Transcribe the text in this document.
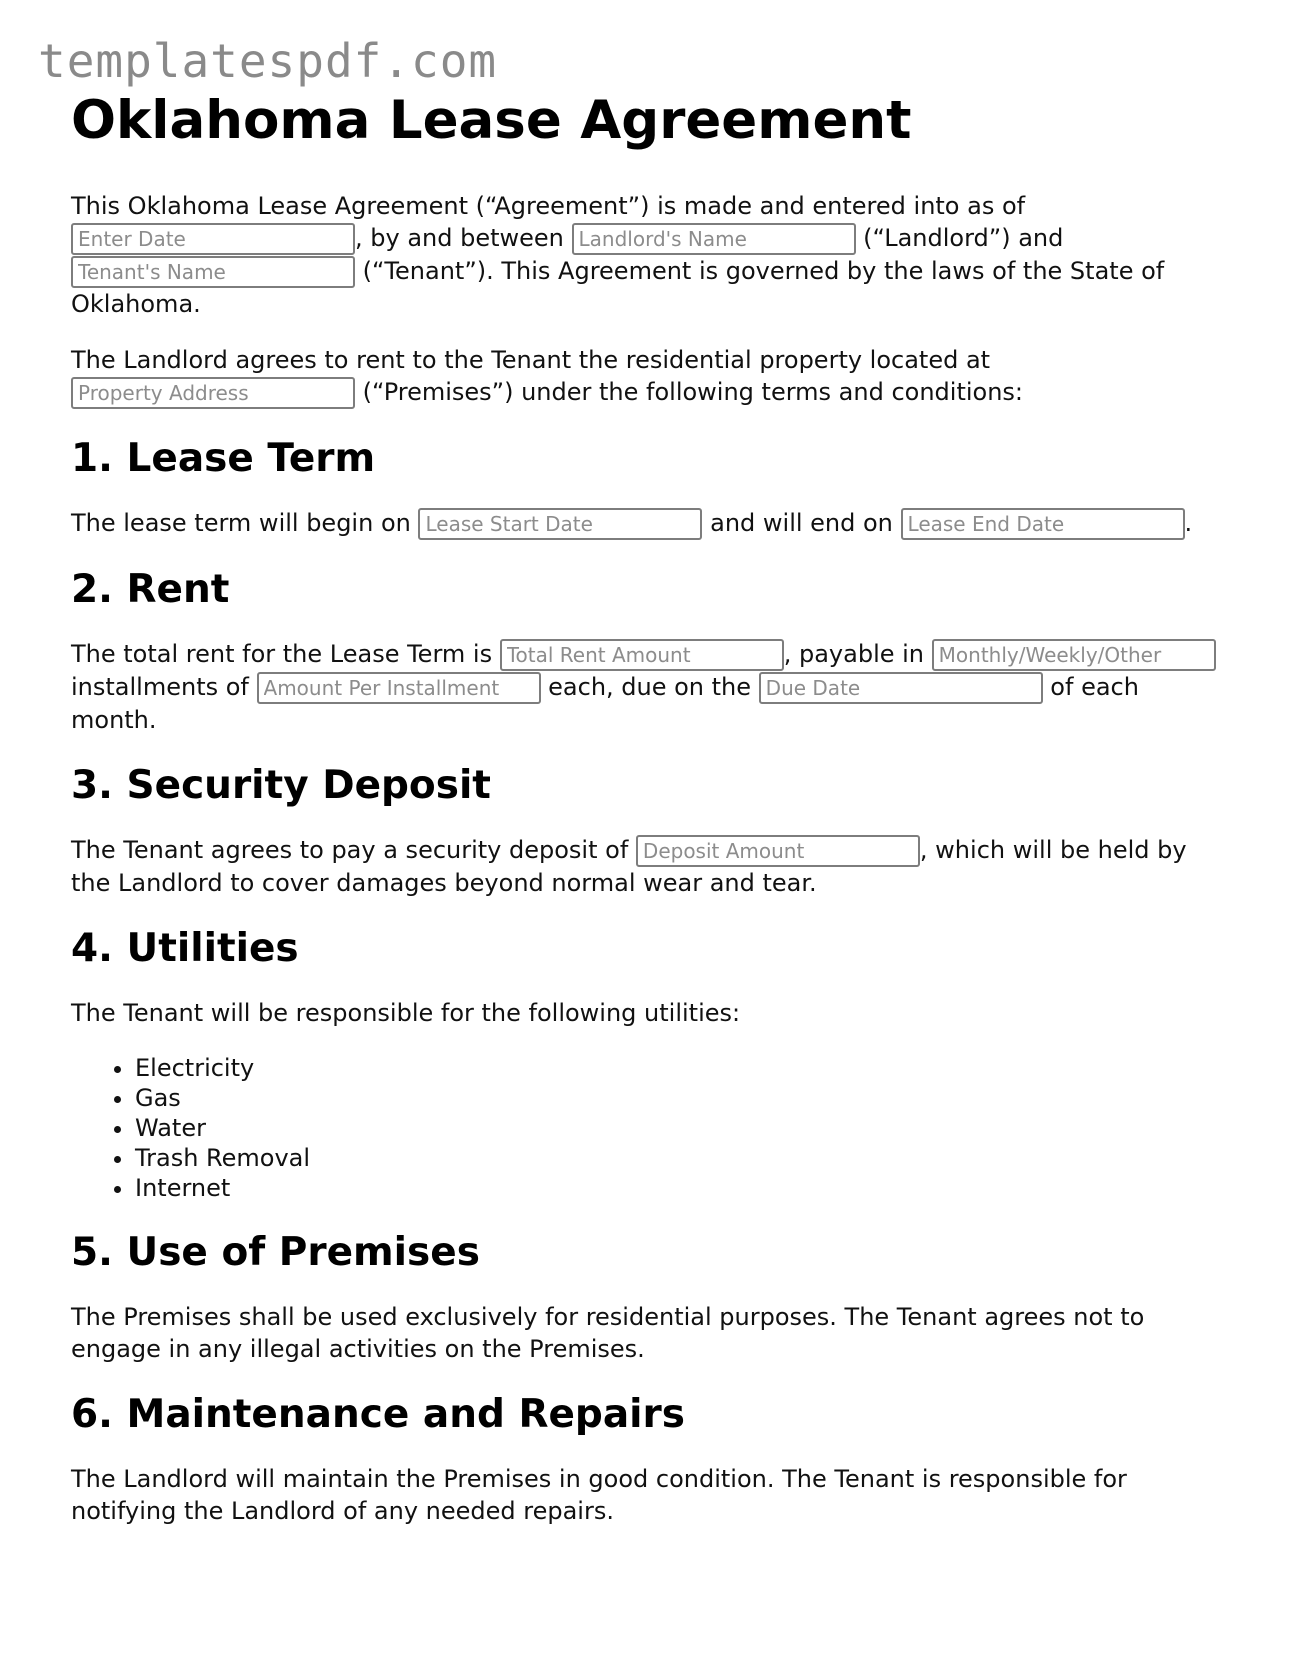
templatespdf.com
Oklahoma Lease Agreement

This Oklahoma Lease Agreement (“Agreement”) is made and entered into as of Enter Date, by and between Landlord's Name	(“Landlord”) and Tenant's Name (“Tenant”). This Agreement is governed by the laws of the State of Oklahoma.

The Landlord agrees to rent to the Tenant the residential property located at Property Address (“Premises”) under the following terms and conditions:

1. Lease Term

The lease term will begin on Lease Start Date	and will end on Lease End Date	.

2. Rent

The total rent for the Lease Term is Total Rent Amount	, payable in Monthly/Weekly/Other installments of Amount Per Installment	each, due on the Due Date	of each month.

3. Security Deposit

The Tenant agrees to pay a security deposit of Deposit Amount	, which will be held by the Landlord to cover damages beyond normal wear and tear.

4. Utilities

The Tenant will be responsible for the following utilities:

• Electricity
• Gas
• Water
• Trash Removal
• Internet
5. Use of Premises

The Premises shall be used exclusively for residential purposes. The Tenant agrees not to engage in any illegal activities on the Premises.

6. Maintenance and Repairs

The Landlord will maintain the Premises in good condition. The Tenant is responsible for notifying the Landlord of any needed repairs.
